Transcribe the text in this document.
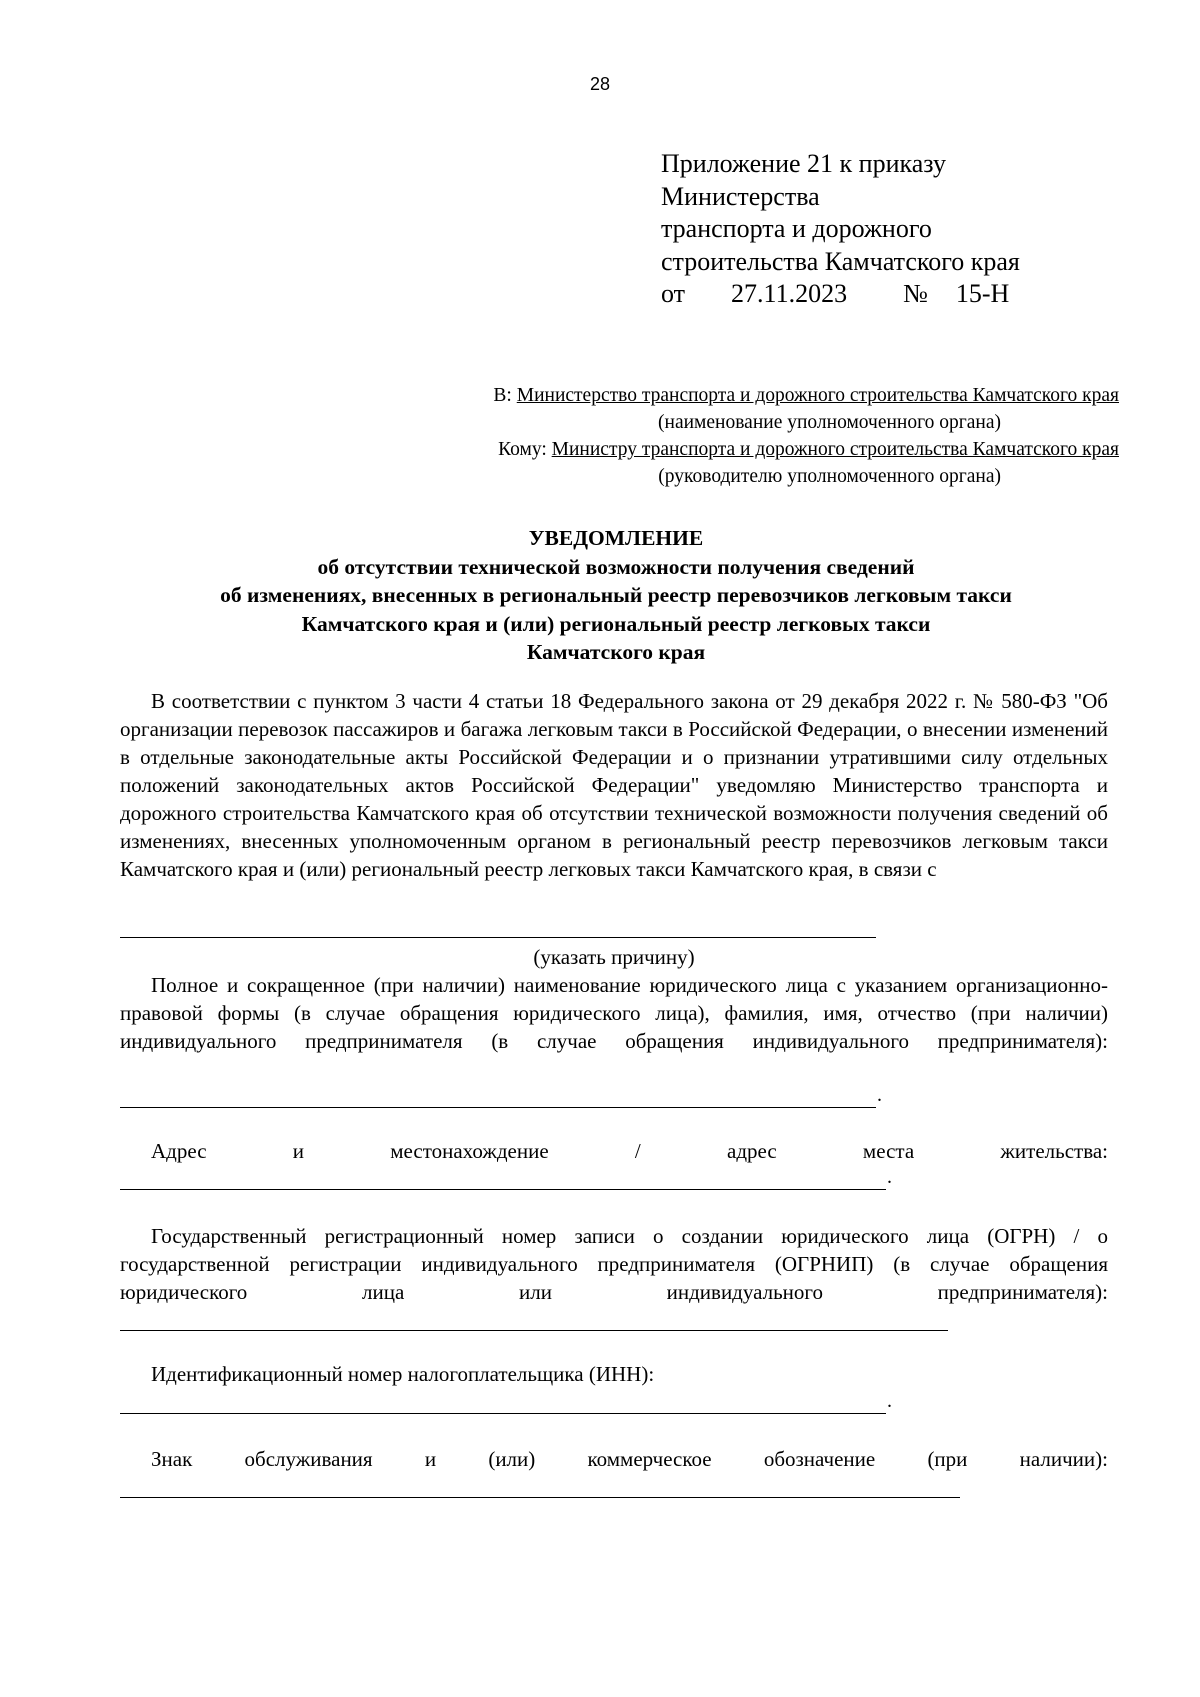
28
Приложение 21 к приказу
Министерства
транспорта и дорожного
строительства Камчатского края
от 27.11.2023 № 15-Н
В: Министерство транспорта и дорожного строительства Камчатского края
(наименование уполномоченного органа)
Кому: Министру транспорта и дорожного строительства Камчатского края
(руководителю уполномоченного органа)
УВЕДОМЛЕНИЕ
об отсутствии технической возможности получения сведений
об изменениях, внесенных в региональный реестр перевозчиков легковым такси
Камчатского края и (или) региональный реестр легковых такси
Камчатского края
В соответствии с пунктом 3 части 4 статьи 18 Федерального закона от 29 декабря 2022 г. № 580-ФЗ "Об организации перевозок пассажиров и багажа легковым такси в Российской Федерации, о внесении изменений в отдельные законодательные акты Российской Федерации и о признании утратившими силу отдельных положений законодательных актов Российской Федерации" уведомляю Министерство транспорта и дорожного строительства Камчатского края об отсутствии технической возможности получения сведений об изменениях, внесенных уполномоченным органом в региональный реестр перевозчиков легковым такси Камчатского края и (или) региональный реестр легковых такси Камчатского края, в связи с
(указать причину)
Полное и сокращенное (при наличии) наименование юридического лица с указанием организационно-правовой формы (в случае обращения юридического лица), фамилия, имя, отчество (при наличии) индивидуального предпринимателя (в случае обращения индивидуального предпринимателя):
.
Адрес и местонахождение / адрес места жительства:
.
Государственный регистрационный номер записи о создании юридического лица (ОГРН) / о государственной регистрации индивидуального предпринимателя (ОГРНИП) (в случае обращения юридического лица или индивидуального предпринимателя):
Идентификационный номер налогоплательщика (ИНН):
.
Знак обслуживания и (или) коммерческое обозначение (при наличии):
